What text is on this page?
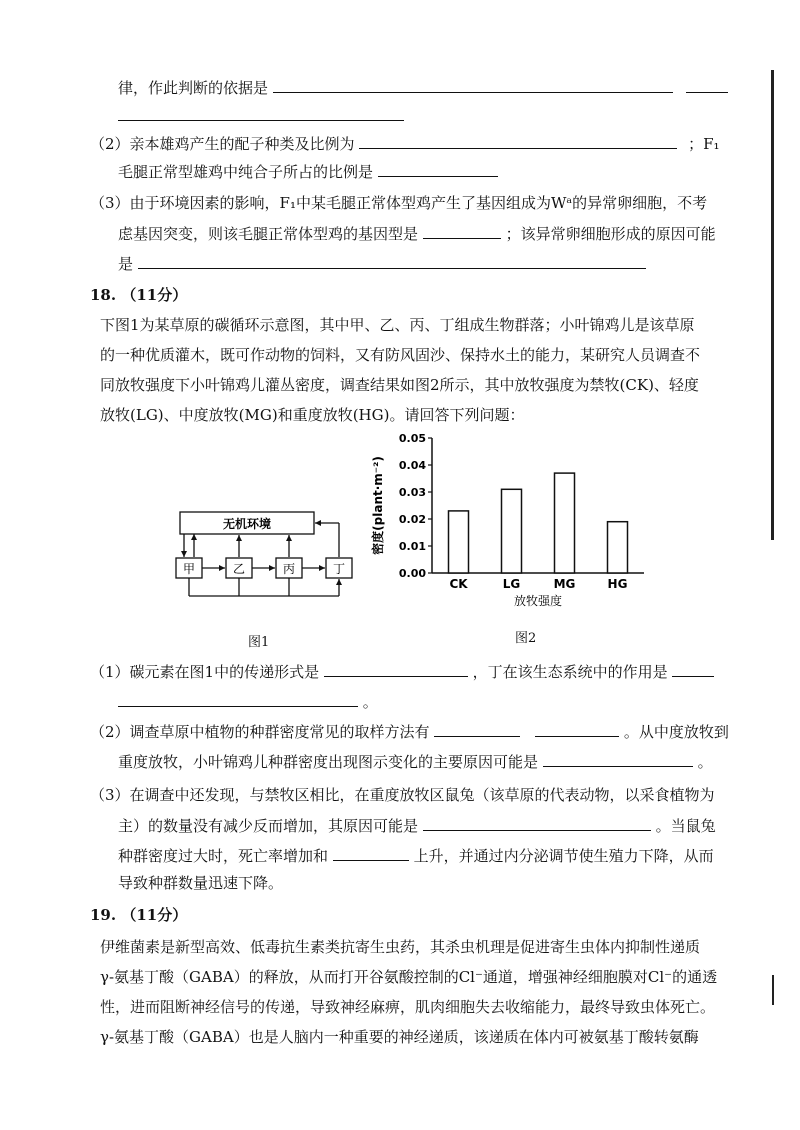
律，作此判断的依据是
（2）亲本雄鸡产生的配子种类及比例为	；F₁
毛腿正常型雄鸡中纯合子所占的比例是
（3）由于环境因素的影响，F₁中某毛腿正常体型鸡产生了基因组成为Wᵃ的异常卵细胞，不考
虑基因突变，则该毛腿正常体型鸡的基因型是	；该异常卵细胞形成的原因可能
是
18. （11分）
下图1为某草原的碳循环示意图，其中甲、乙、丙、丁组成生物群落；小叶锦鸡儿是该草原
的一种优质灌木，既可作动物的饲料，又有防风固沙、保持水土的能力，某研究人员调查不
同放牧强度下小叶锦鸡儿灌丛密度，调查结果如图2所示，其中放牧强度为禁牧(CK)、轻度
放牧(LG)、中度放牧(MG)和重度放牧(HG)。请回答下列问题：
无机环境
甲	乙	丙	丁
图1
0.00
0.01
0.02
0.03
0.04
0.05
CK	LG	MG	HG
放牧强度
密度(plant·m⁻²)
图2
（1）碳元素在图1中的传递形式是	，丁在该生态系统中的作用是
。
（2）调查草原中植物的种群密度常见的取样方法有	。从中度放牧到
重度放牧，小叶锦鸡儿种群密度出现图示变化的主要原因可能是	。
（3）在调查中还发现，与禁牧区相比，在重度放牧区鼠兔（该草原的代表动物，以采食植物为
主）的数量没有减少反而增加，其原因可能是	。当鼠兔
种群密度过大时，死亡率增加和	上升，并通过内分泌调节使生殖力下降，从而
导致种群数量迅速下降。
19. （11分）
伊维菌素是新型高效、低毒抗生素类抗寄生虫药，其杀虫机理是促进寄生虫体内抑制性递质
γ-氨基丁酸（GABA）的释放，从而打开谷氨酸控制的Cl⁻通道，增强神经细胞膜对Cl⁻的通透
性，进而阻断神经信号的传递，导致神经麻痹，肌肉细胞失去收缩能力，最终导致虫体死亡。
γ-氨基丁酸（GABA）也是人脑内一种重要的神经递质，该递质在体内可被氨基丁酸转氨酶
